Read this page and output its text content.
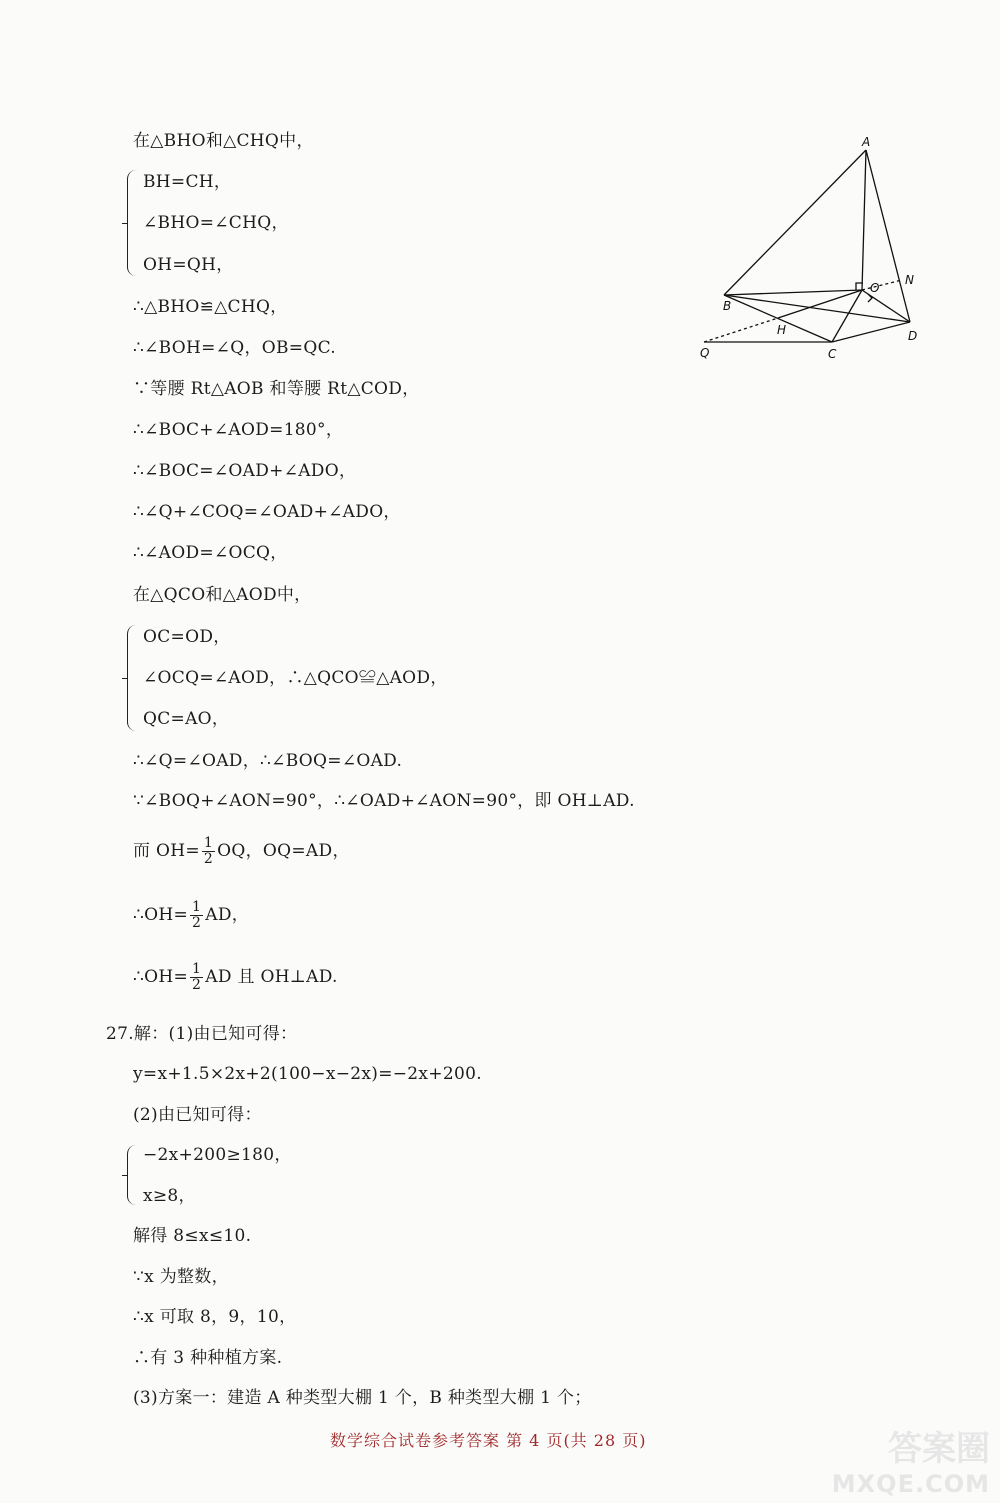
在△BHO和△CHQ中，
BH=CH，
∠BHO=∠CHQ，
OH=QH，
∴△BHO≌△CHQ，
∴∠BOH=∠Q，OB=QC.
∵等腰 Rt△AOB 和等腰 Rt△COD，
∴∠BOC+∠AOD=180°，
∴∠BOC=∠OAD+∠ADO，
∴∠Q+∠COQ=∠OAD+∠ADO，
∴∠AOD=∠OCQ，
在△QCO和△AOD中，
OC=OD，
∠OCQ=∠AOD，∴△QCO≌△AOD，
QC=AO，
∴∠Q=∠OAD，∴∠BOQ=∠OAD.
∵∠BOQ+∠AON=90°，∴∠OAD+∠AON=90°，即 OH⊥AD.
而 $OH= \frac{1}{2}$ OQ，OQ=AD，
∴OH= $\frac{1}{2}$ AD，
∴OH= $\frac{1}{2}$ AD 且 OH⊥AD.
27.解：(1)由已知可得：
y=x+1.5×2x+2(100−x−2x)=−2x+200.
(2)由已知可得：
−2x+200≥180，
x≥8，
解得 8≤x≤10.
∵x 为整数，
∴x 可取 8，9，10，
∴有 3 种种植方案.
(3)方案一：建造 A 种类型大棚 1 个，B 种类型大棚 1 个；
A
B
C
D
O
N
H
Q
数学综合试卷参考答案 第 4 页(共 28 页)	答案圈
MXQE.COM
